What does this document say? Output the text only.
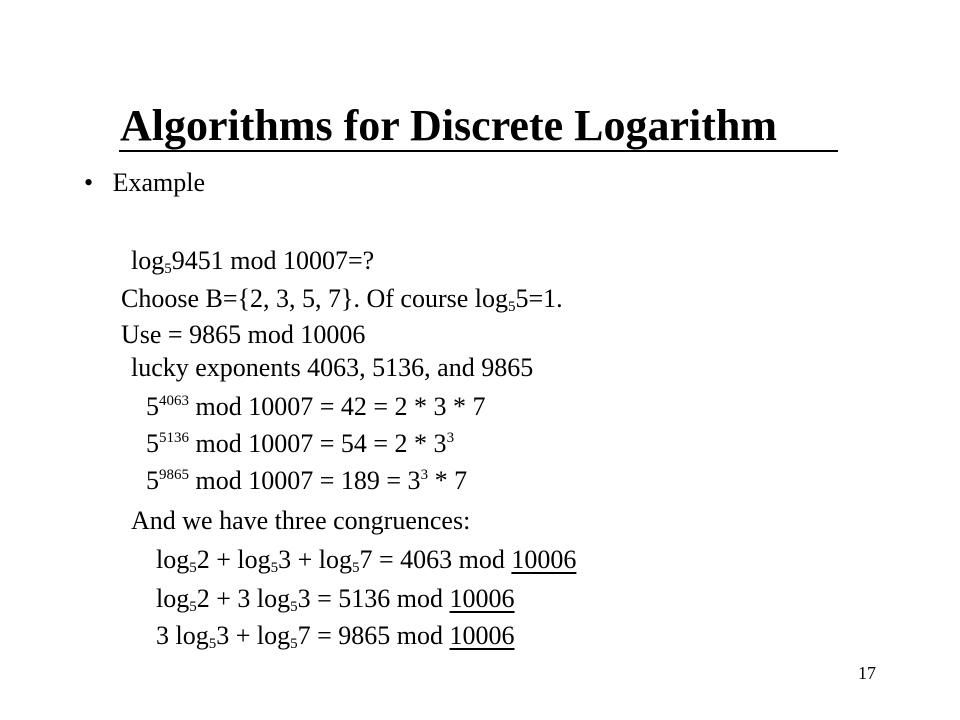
Algorithms for Discrete Logarithm
• Example
$\log_59451$ mod 10007=?
Choose B={2, 3, 5, 7}. Of course $\log_55=1$.
Use = 9865 mod 10006
lucky exponents 4063, 5136, and 9865
$5^{4063}$ mod 10007 = 42 = 2 * 3 * 7
$5^{5136}$ mod $10007 = 54 = 2 * 3^3$
$5^{9865}$ mod $10007 = 189 = 3^3 * 7$
And we have three congruences:
$\log_52 + \log_53 + \log_57 = 4063$ mod 10006
$\log_52 + 3$ $\log_53 = 5136$ mod 10006
3 $\log_53 + \log_57 = 9865$ mod 10006
17
